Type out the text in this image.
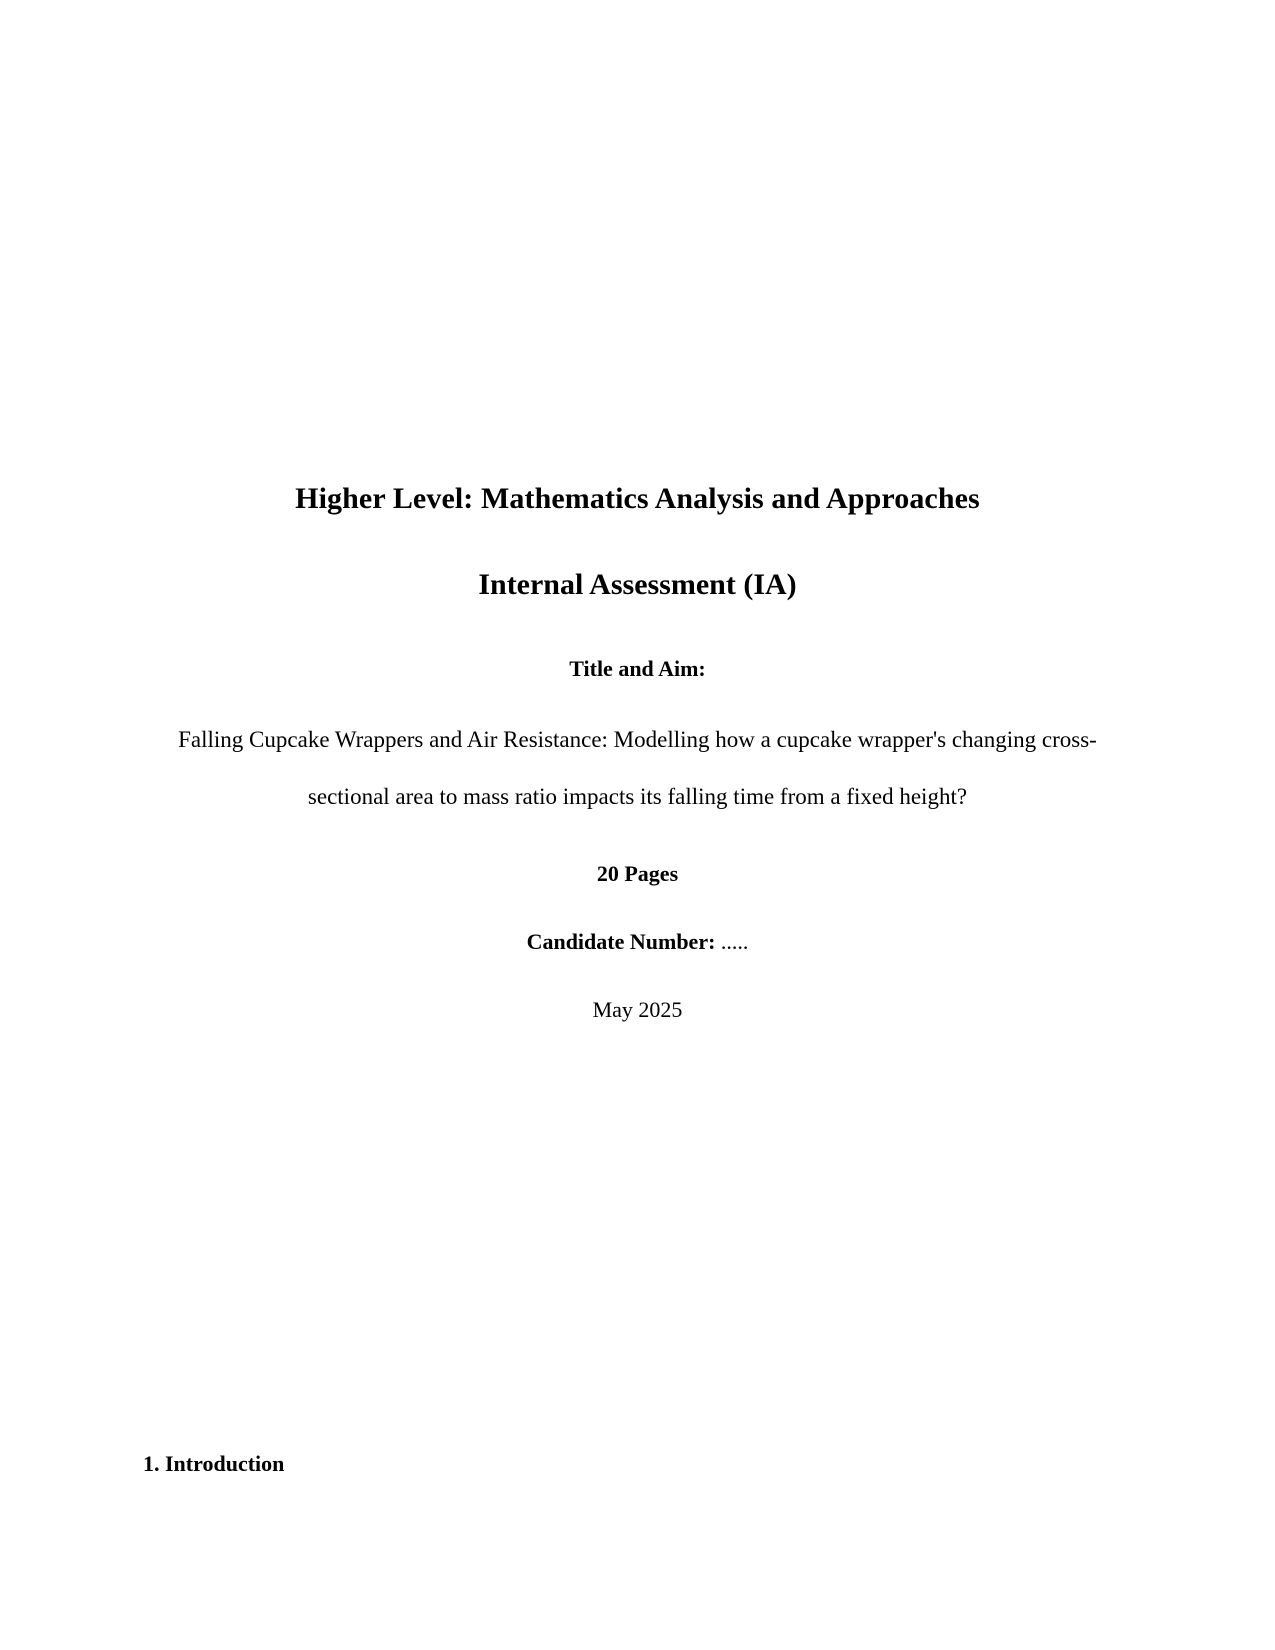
Higher Level: Mathematics Analysis and Approaches
Internal Assessment (IA)

Title and Aim:

Falling Cupcake Wrappers and Air Resistance: Modelling how a cupcake wrapper's changing cross-sectional area to mass ratio impacts its falling time from a fixed height?

20 Pages

Candidate Number: .....

May 2025

1. Introduction
